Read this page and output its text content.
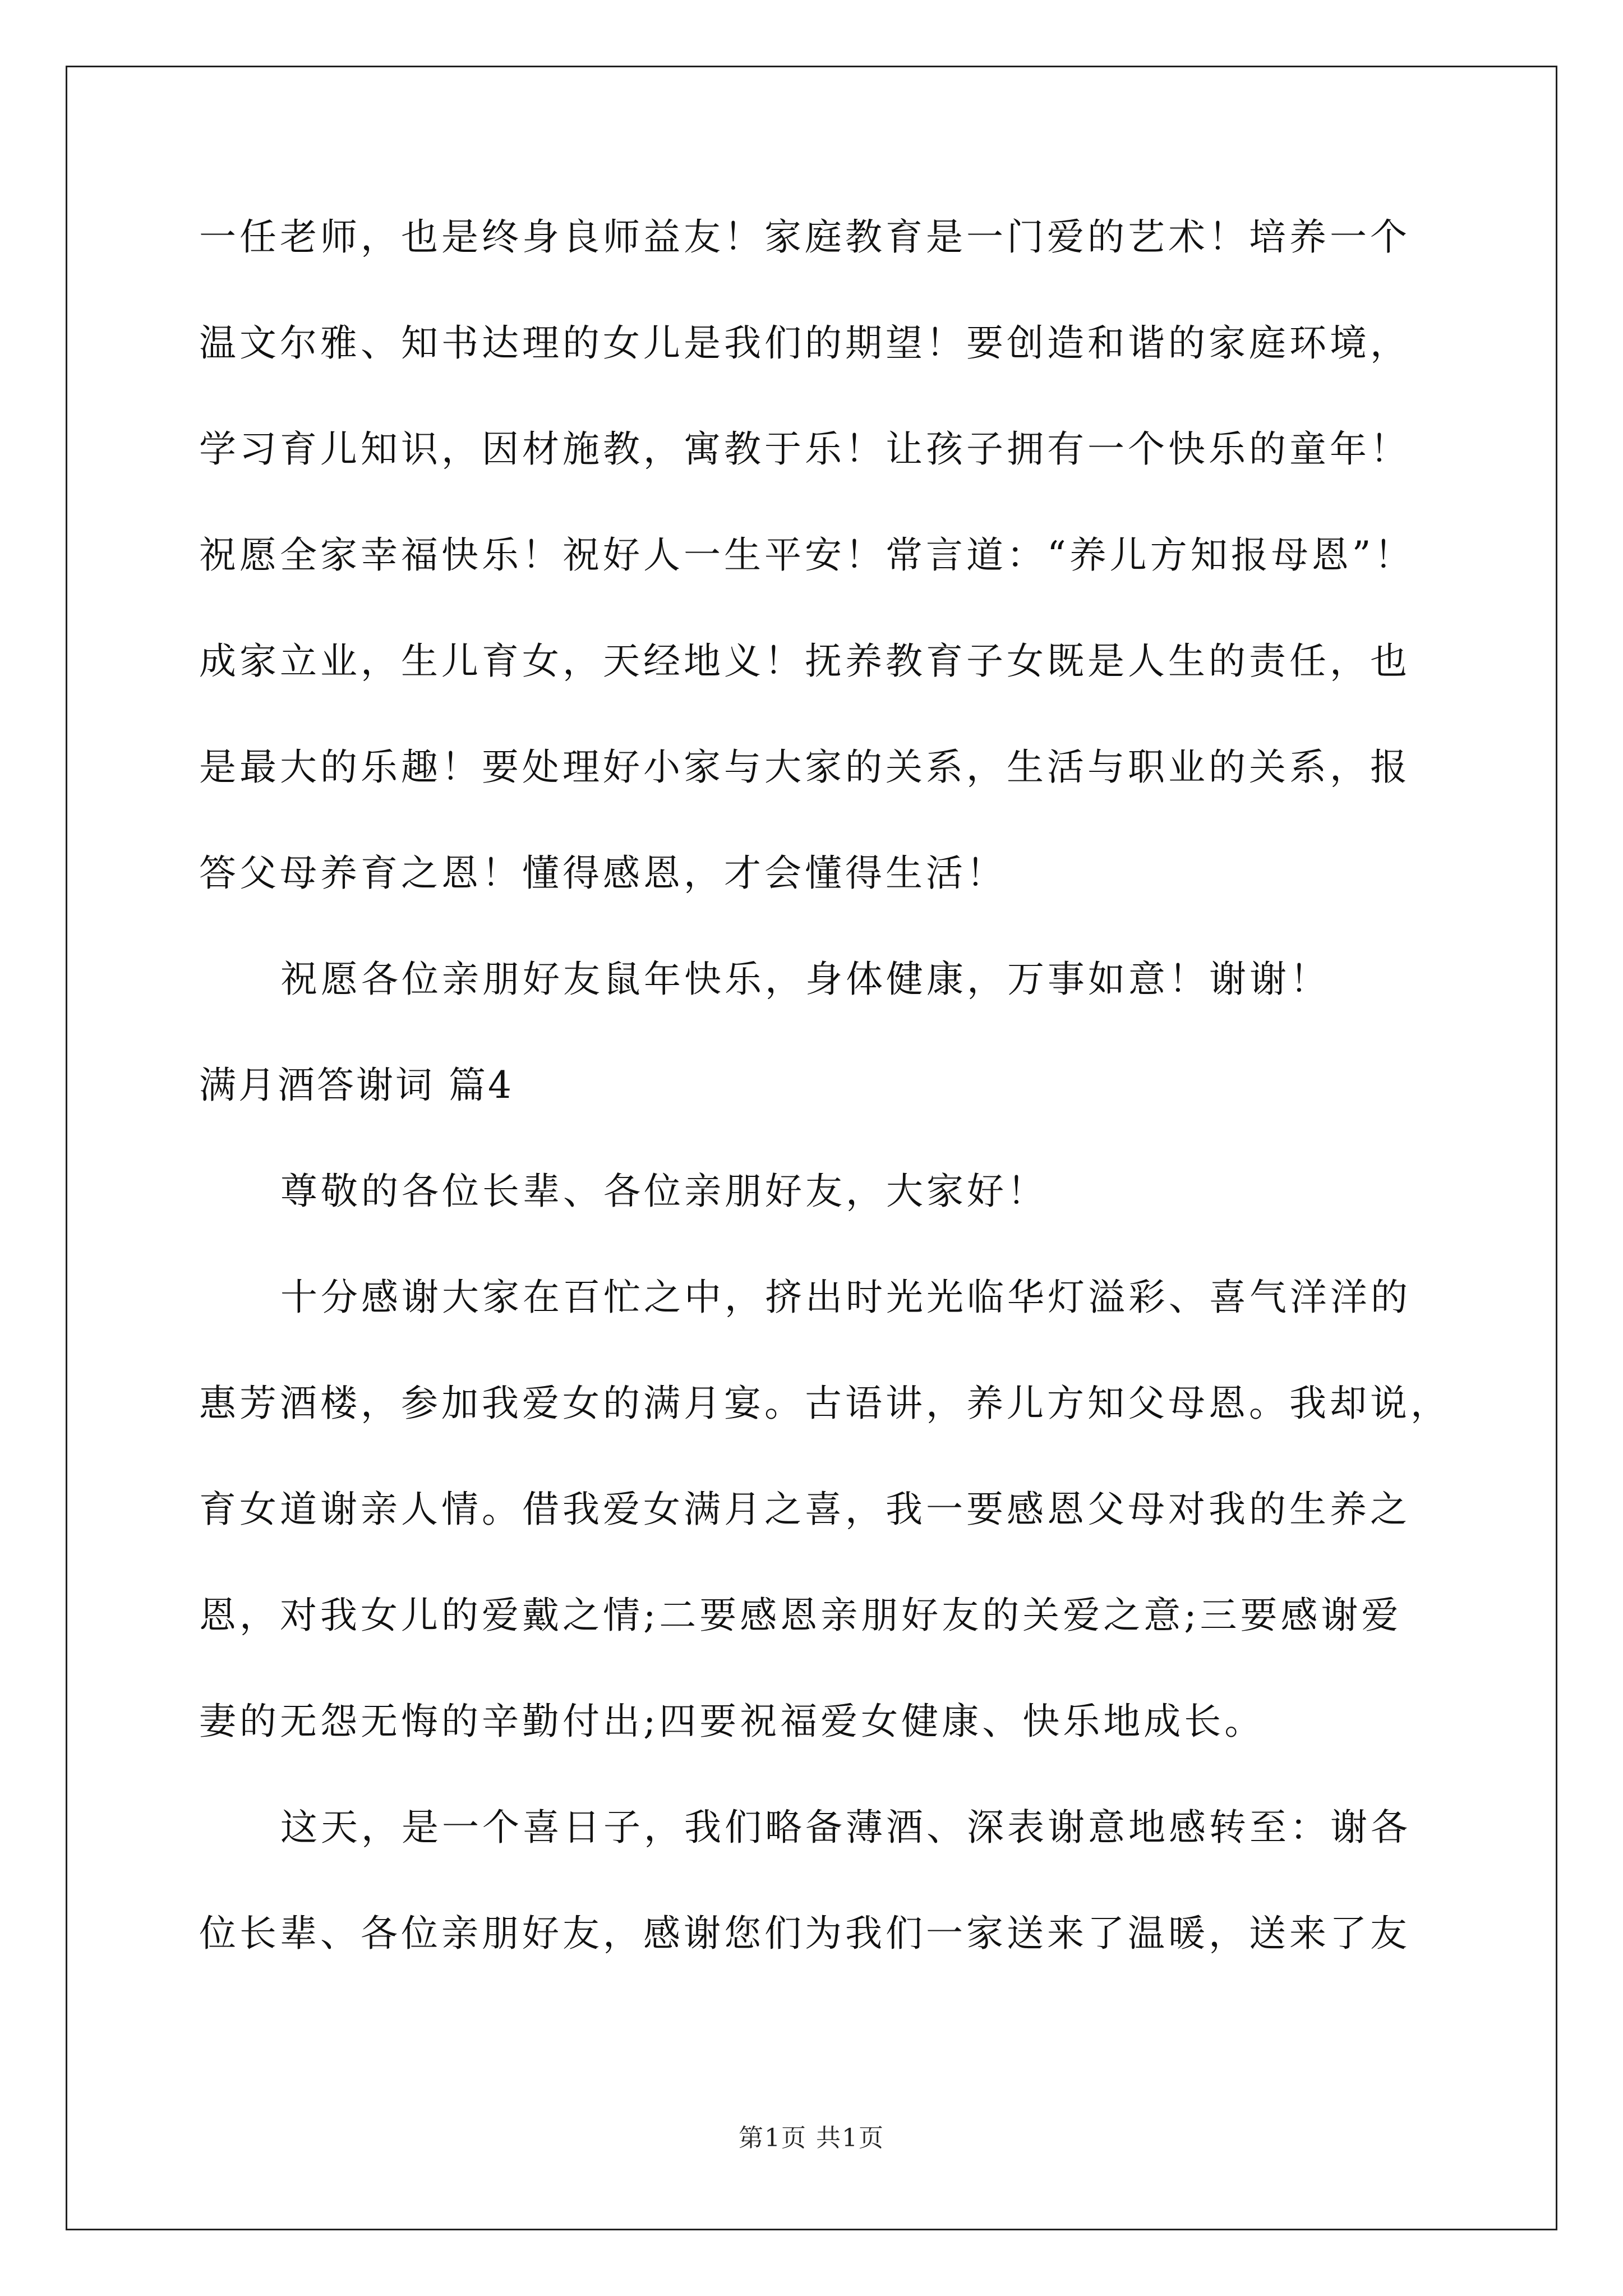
一任老师，也是终身良师益友！家庭教育是一门爱的艺术！培养一个
温文尔雅、知书达理的女儿是我们的期望！要创造和谐的家庭环境，
学习育儿知识，因材施教，寓教于乐！让孩子拥有一个快乐的童年！
祝愿全家幸福快乐！祝好人一生平安！常言道：“养儿方知报母恩”！
成家立业，生儿育女，天经地义！抚养教育子女既是人生的责任，也
是最大的乐趣！要处理好小家与大家的关系，生活与职业的关系，报
答父母养育之恩！懂得感恩，才会懂得生活！
祝愿各位亲朋好友鼠年快乐，身体健康，万事如意！谢谢！
满月酒答谢词 篇4
尊敬的各位长辈、各位亲朋好友，大家好！
十分感谢大家在百忙之中，挤出时光光临华灯溢彩、喜气洋洋的
惠芳酒楼，参加我爱女的满月宴。古语讲，养儿方知父母恩。我却说，
育女道谢亲人情。借我爱女满月之喜，我一要感恩父母对我的生养之
恩，对我女儿的爱戴之情;二要感恩亲朋好友的关爱之意;三要感谢爱
妻的无怨无悔的辛勤付出;四要祝福爱女健康、快乐地成长。
这天，是一个喜日子，我们略备薄酒、深表谢意地感转至：谢各
位长辈、各位亲朋好友，感谢您们为我们一家送来了温暖，送来了友
第1页 共1页
